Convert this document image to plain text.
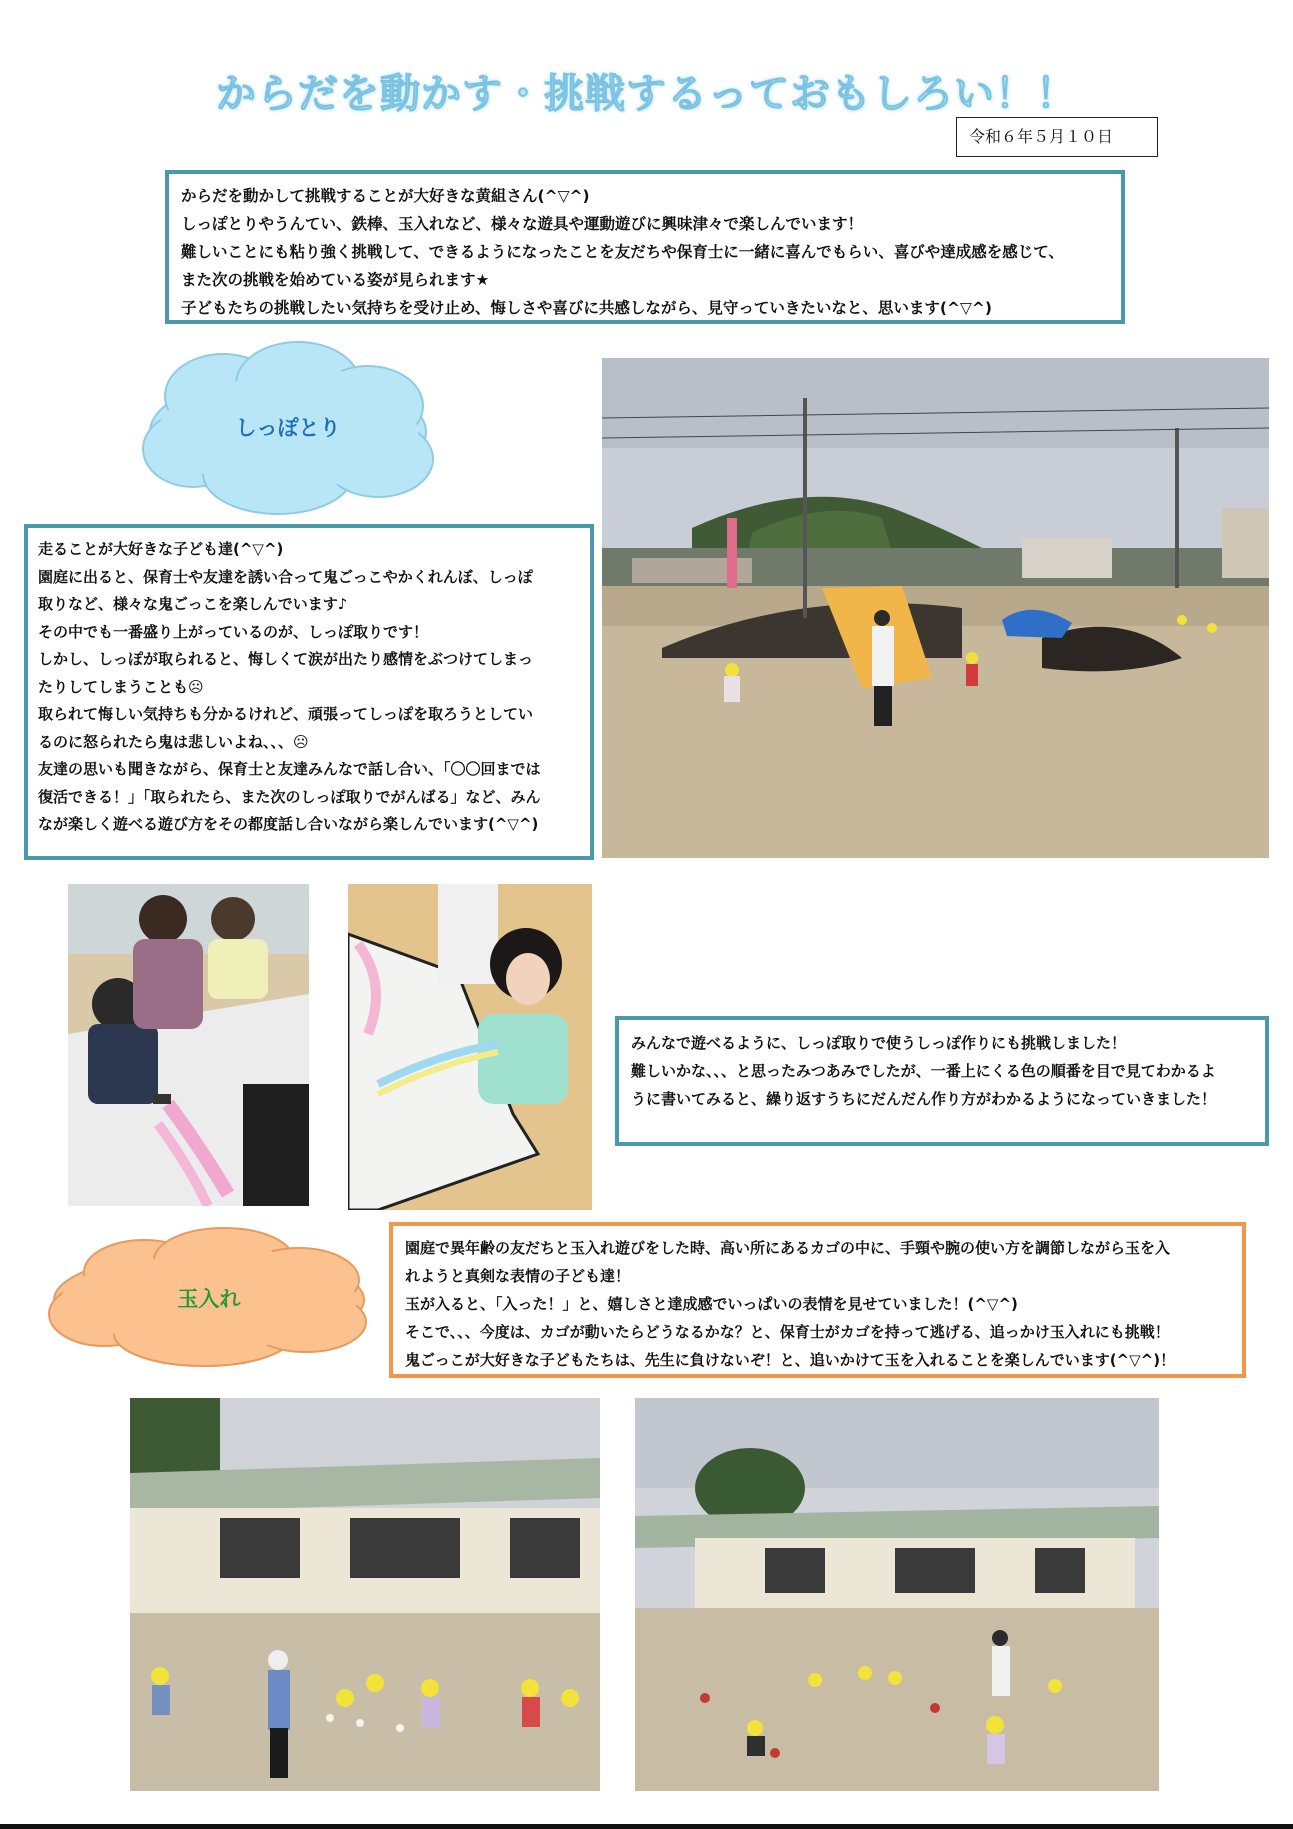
からだを動かす・挑戦するっておもしろい！！
令和６年５月１０日

からだを動かして挑戦することが大好きな黄組さん(^▽^)

しっぽとりやうんてい、鉄棒、玉入れなど、様々な遊具や運動遊びに興味津々で楽しんでいます！

難しいことにも粘り強く挑戦して、できるようになったことを友だちや保育士に一緒に喜んでもらい、喜びや達成感を感じて、

また次の挑戦を始めている姿が見られます★

子どもたちの挑戦したい気持ちを受け止め、悔しさや喜びに共感しながら、見守っていきたいなと、思います(^▽^)

しっぽとり

走ることが大好きな子ども達(^▽^)

園庭に出ると、保育士や友達を誘い合って鬼ごっこやかくれんぼ、しっぽ

取りなど、様々な鬼ごっこを楽しんでいます♪

その中でも一番盛り上がっているのが、しっぽ取りです！

しかし、しっぽが取られると、悔しくて涙が出たり感情をぶつけてしまっ

たりしてしまうことも☹

取られて悔しい気持ちも分かるけれど、頑張ってしっぽを取ろうとしてい

るのに怒られたら鬼は悲しいよね、、、☹

友達の思いも聞きながら、保育士と友達みんなで話し合い、「〇〇回までは

復活できる！」「取られたら、また次のしっぽ取りでがんばる」など、みん

なが楽しく遊べる遊び方をその都度話し合いながら楽しんでいます(^▽^)

みんなで遊べるように、しっぽ取りで使うしっぽ作りにも挑戦しました！

難しいかな、、、と思ったみつあみでしたが、一番上にくる色の順番を目で見てわかるよ

うに書いてみると、繰り返すうちにだんだん作り方がわかるようになっていきました！

玉入れ

園庭で異年齢の友だちと玉入れ遊びをした時、高い所にあるカゴの中に、手頸や腕の使い方を調節しながら玉を入

れようと真剣な表情の子ども達！

玉が入ると、「入った！」と、嬉しさと達成感でいっぱいの表情を見せていました！(^▽^)

そこで、、、今度は、カゴが動いたらどうなるかな？と、保育士がカゴを持って逃げる、追っかけ玉入れにも挑戦！

鬼ごっこが大好きな子どもたちは、先生に負けないぞ！と、追いかけて玉を入れることを楽しんでいます(^▽^)！
